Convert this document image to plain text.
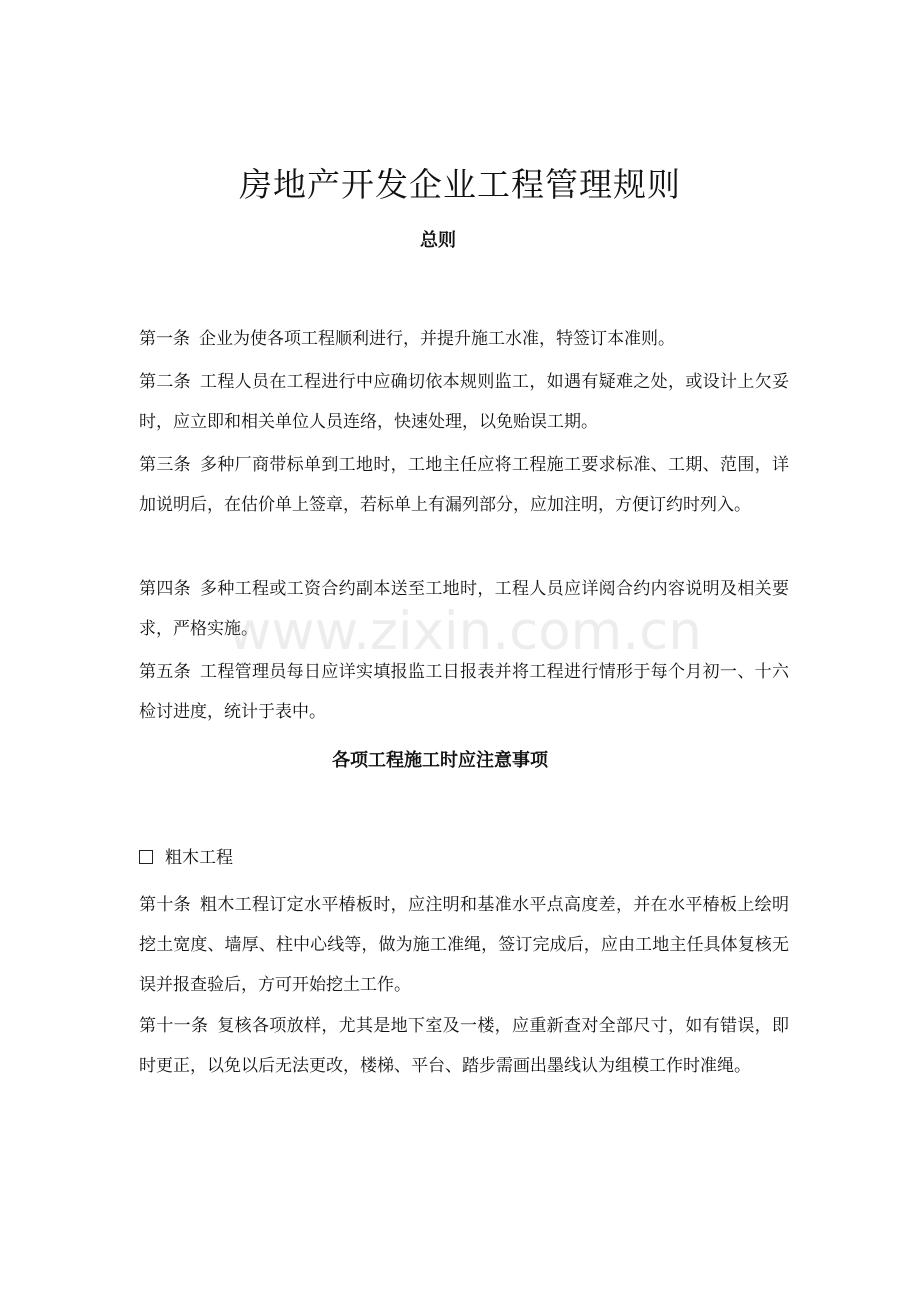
房地产开发企业工程管理规则
总则

第一条 企业为使各项工程顺利进行，并提升施工水准，特签订本准则。

第二条 工程人员在工程进行中应确切依本规则监工，如遇有疑难之处，或设计上欠妥时，应立即和相关单位人员连络，快速处理，以免贻误工期。

第三条 多种厂商带标单到工地时，工地主任应将工程施工要求标准、工期、范围，详加说明后，在估价单上签章，若标单上有漏列部分，应加注明，方便订约时列入。

第四条 多种工程或工资合约副本送至工地时，工程人员应详阅合约内容说明及相关要求，严格实施。

第五条 工程管理员每日应详实填报监工日报表并将工程进行情形于每个月初一、十六检讨进度，统计于表中。

各项工程施工时应注意事项

粗木工程

第十条 粗木工程订定水平椿板时，应注明和基准水平点高度差，并在水平椿板上绘明挖土宽度、墙厚、柱中心线等，做为施工准绳，签订完成后，应由工地主任具体复核无误并报查验后，方可开始挖土工作。

第十一条 复核各项放样，尤其是地下室及一楼，应重新查对全部尺寸，如有错误，即时更正，以免以后无法更改，楼梯、平台、踏步需画出墨线认为组模工作时准绳。

www.zixin.com.cn
